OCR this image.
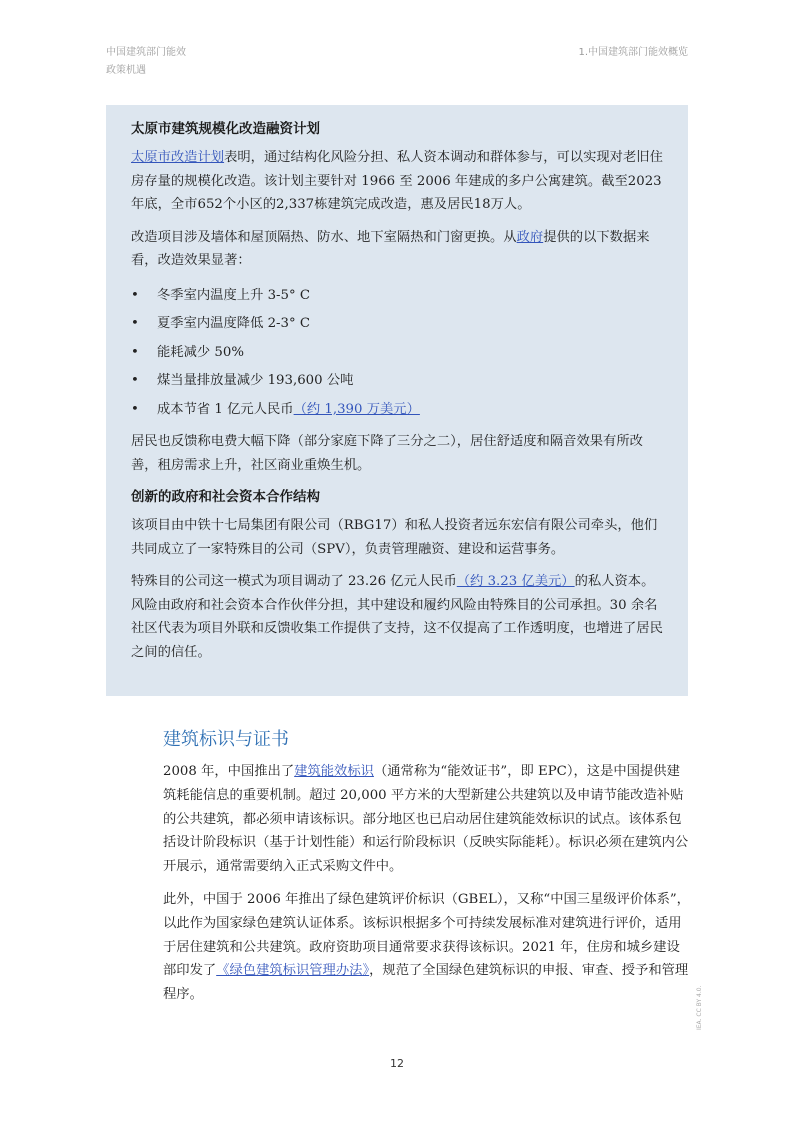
中国建筑部门能效
政策机遇
1.中国建筑部门能效概览
太原市建筑规模化改造融资计划

太原市改造计划表明，通过结构化风险分担、私人资本调动和群体参与，可以实现对老旧住房存量的规模化改造。该计划主要针对 1966 至 2006 年建成的多户公寓建筑。截至2023年底，全市652个小区的2,337栋建筑完成改造，惠及居民18万人。

改造项目涉及墙体和屋顶隔热、防水、地下室隔热和门窗更换。从政府提供的以下数据来看，改造效果显著：

• 冬季室内温度上升 3-5° C
• 夏季室内温度降低 2-3° C
• 能耗减少 50%
• 煤当量排放量减少 193,600 公吨
• 成本节省 1 亿元人民币（约 1,390 万美元）

居民也反馈称电费大幅下降（部分家庭下降了三分之二），居住舒适度和隔音效果有所改善，租房需求上升，社区商业重焕生机。

创新的政府和社会资本合作结构

该项目由中铁十七局集团有限公司（RBG17）和私人投资者远东宏信有限公司牵头，他们共同成立了一家特殊目的公司（SPV），负责管理融资、建设和运营事务。

特殊目的公司这一模式为项目调动了 23.26 亿元人民币（约 3.23 亿美元）的私人资本。风险由政府和社会资本合作伙伴分担，其中建设和履约风险由特殊目的公司承担。30 余名社区代表为项目外联和反馈收集工作提供了支持，这不仅提高了工作透明度，也增进了居民之间的信任。

建筑标识与证书

2008 年，中国推出了建筑能效标识（通常称为“能效证书”，即 EPC），这是中国提供建筑耗能信息的重要机制。超过 20,000 平方米的大型新建公共建筑以及申请节能改造补贴的公共建筑，都必须申请该标识。部分地区也已启动居住建筑能效标识的试点。该体系包括设计阶段标识（基于计划性能）和运行阶段标识（反映实际能耗）。标识必须在建筑内公开展示，通常需要纳入正式采购文件中。

此外，中国于 2006 年推出了绿色建筑评价标识（GBEL），又称“中国三星级评价体系”，以此作为国家绿色建筑认证体系。该标识根据多个可持续发展标准对建筑进行评价，适用于居住建筑和公共建筑。政府资助项目通常要求获得该标识。2021 年，住房和城乡建设部印发了《绿色建筑标识管理办法》，规范了全国绿色建筑标识的申报、审查、授予和管理程序。	IEA. CC BY 4.0.
12
